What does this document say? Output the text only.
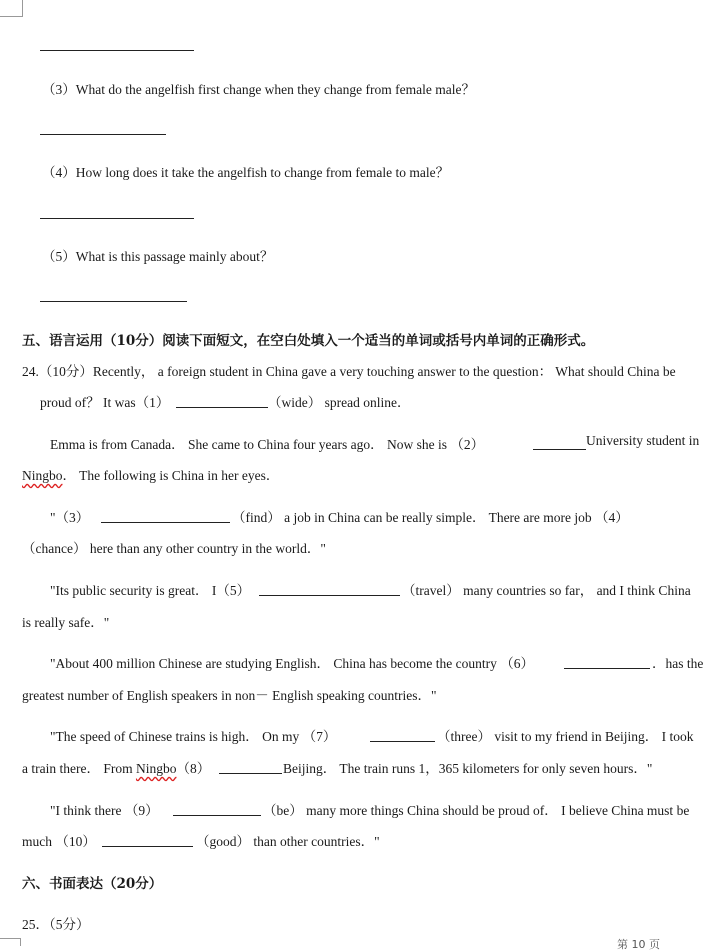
（3）What do the angelfish first change when they change from female male？
（4）How long does it take the angelfish to change from female to male？
（5）What is this passage mainly about？
五、语言运用（10分）阅读下面短文，在空白处填入一个适当的单词或括号内单词的正确形式。
24.（10分）Recently， a foreign student in China gave a very touching answer to the question： What should China be
proud of？ It was（1）	（wide） spread online．
Emma is from Canada． She came to China four years ago． Now she is （2）	University student in
Ningbo． The following is China in her eyes．
"（3）	（find） a job in China can be really simple． There are more job （4）
（chance） here than any other country in the world．"
"Its public security is great． I（5）	（travel） many countries so far， and I think China
is really safe．"
"About 400 million Chinese are studying English． China has become the country （6）	．has the
greatest number of English speakers in non－ English speaking countries．"
"The speed of Chinese trains is high． On my （7）	（three） visit to my friend in Beijing． I took
a train there． From Ningbo（8）	Beijing． The train runs 1，365 kilometers for only seven hours．"
"I think there （9）	（be） many more things China should be proud of． I believe China must be
much （10）	（good） than other countries．"
六、书面表达（20分）
25．（5分）
第 10 页
